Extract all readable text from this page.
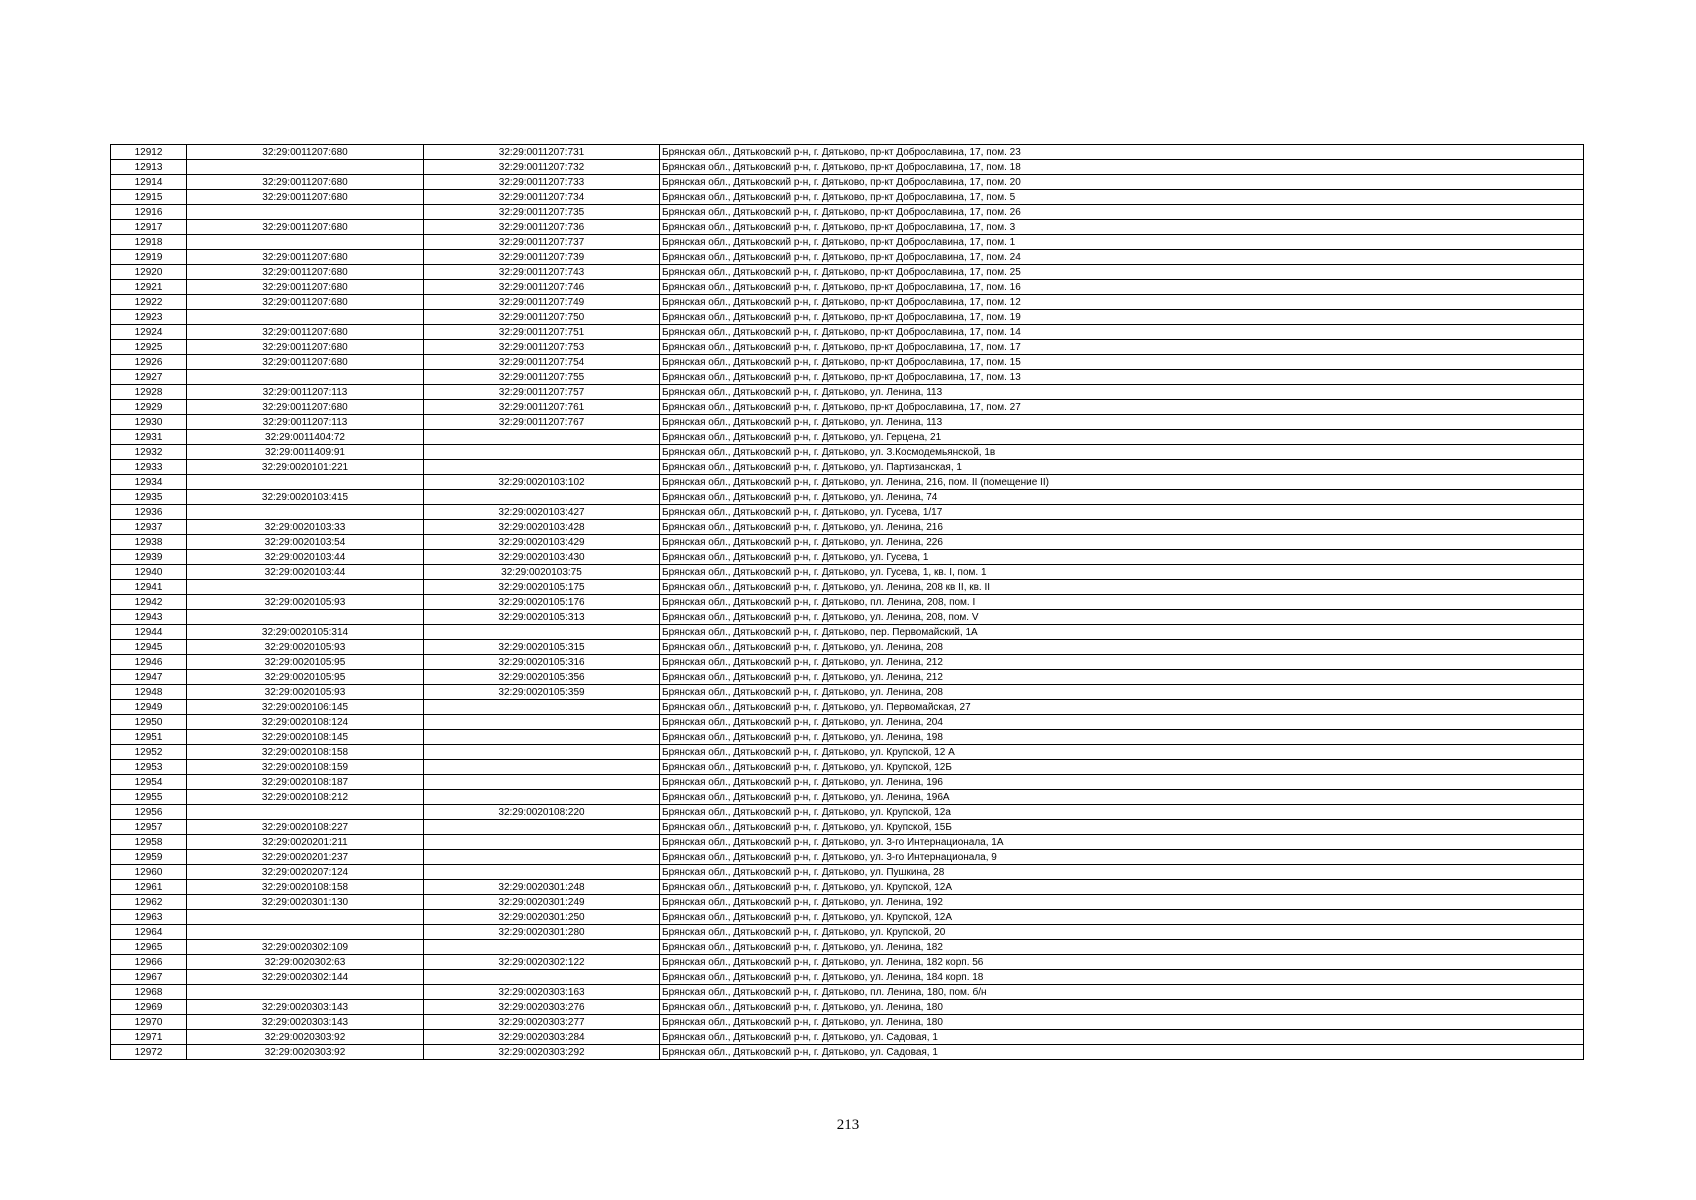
12912	32:29:0011207:680	32:29:0011207:731	Брянская обл., Дятьковский р-н, г. Дятьково, пр-кт Доброславина, 17, пом. 23
12913		32:29:0011207:732	Брянская обл., Дятьковский р-н, г. Дятьково, пр-кт Доброславина, 17, пом. 18
12914	32:29:0011207:680	32:29:0011207:733	Брянская обл., Дятьковский р-н, г. Дятьково, пр-кт Доброславина, 17, пом. 20
12915	32:29:0011207:680	32:29:0011207:734	Брянская обл., Дятьковский р-н, г. Дятьково, пр-кт Доброславина, 17, пом. 5
12916		32:29:0011207:735	Брянская обл., Дятьковский р-н, г. Дятьково, пр-кт Доброславина, 17, пом. 26
12917	32:29:0011207:680	32:29:0011207:736	Брянская обл., Дятьковский р-н, г. Дятьково, пр-кт Доброславина, 17, пом. 3
12918		32:29:0011207:737	Брянская обл., Дятьковский р-н, г. Дятьково, пр-кт Доброславина, 17, пом. 1
12919	32:29:0011207:680	32:29:0011207:739	Брянская обл., Дятьковский р-н, г. Дятьково, пр-кт Доброславина, 17, пом. 24
12920	32:29:0011207:680	32:29:0011207:743	Брянская обл., Дятьковский р-н, г. Дятьково, пр-кт Доброславина, 17, пом. 25
12921	32:29:0011207:680	32:29:0011207:746	Брянская обл., Дятьковский р-н, г. Дятьково, пр-кт Доброславина, 17, пом. 16
12922	32:29:0011207:680	32:29:0011207:749	Брянская обл., Дятьковский р-н, г. Дятьково, пр-кт Доброславина, 17, пом. 12
12923		32:29:0011207:750	Брянская обл., Дятьковский р-н, г. Дятьково, пр-кт Доброславина, 17, пом. 19
12924	32:29:0011207:680	32:29:0011207:751	Брянская обл., Дятьковский р-н, г. Дятьково, пр-кт Доброславина, 17, пом. 14
12925	32:29:0011207:680	32:29:0011207:753	Брянская обл., Дятьковский р-н, г. Дятьково, пр-кт Доброславина, 17, пом. 17
12926	32:29:0011207:680	32:29:0011207:754	Брянская обл., Дятьковский р-н, г. Дятьково, пр-кт Доброславина, 17, пом. 15
12927		32:29:0011207:755	Брянская обл., Дятьковский р-н, г. Дятьково, пр-кт Доброславина, 17, пом. 13
12928	32:29:0011207:113	32:29:0011207:757	Брянская обл., Дятьковский р-н, г. Дятьково, ул. Ленина, 113
12929	32:29:0011207:680	32:29:0011207:761	Брянская обл., Дятьковский р-н, г. Дятьково, пр-кт Доброславина, 17, пом. 27
12930	32:29:0011207:113	32:29:0011207:767	Брянская обл., Дятьковский р-н, г. Дятьково, ул. Ленина, 113
12931	32:29:0011404:72		Брянская обл., Дятьковский р-н, г. Дятьково, ул. Герцена, 21
12932	32:29:0011409:91		Брянская обл., Дятьковский р-н, г. Дятьково, ул. З.Космодемьянской, 1в
12933	32:29:0020101:221		Брянская обл., Дятьковский р-н, г. Дятьково, ул. Партизанская, 1
12934		32:29:0020103:102	Брянская обл., Дятьковский р-н, г. Дятьково, ул. Ленина, 216, пом. II (помещение II)
12935	32:29:0020103:415		Брянская обл., Дятьковский р-н, г. Дятьково, ул. Ленина, 74
12936		32:29:0020103:427	Брянская обл., Дятьковский р-н, г. Дятьково, ул. Гусева, 1/17
12937	32:29:0020103:33	32:29:0020103:428	Брянская обл., Дятьковский р-н, г. Дятьково, ул. Ленина, 216
12938	32:29:0020103:54	32:29:0020103:429	Брянская обл., Дятьковский р-н, г. Дятьково, ул. Ленина, 226
12939	32:29:0020103:44	32:29:0020103:430	Брянская обл., Дятьковский р-н, г. Дятьково, ул. Гусева, 1
12940	32:29:0020103:44	32:29:0020103:75	Брянская обл., Дятьковский р-н, г. Дятьково, ул. Гусева, 1, кв. I, пом. 1
12941		32:29:0020105:175	Брянская обл., Дятьковский р-н, г. Дятьково, ул. Ленина, 208 кв II, кв. II
12942	32:29:0020105:93	32:29:0020105:176	Брянская обл., Дятьковский р-н, г. Дятьково, пл. Ленина, 208, пом. I
12943		32:29:0020105:313	Брянская обл., Дятьковский р-н, г. Дятьково, ул. Ленина, 208, пом. V
12944	32:29:0020105:314		Брянская обл., Дятьковский р-н, г. Дятьково, пер. Первомайский, 1А
12945	32:29:0020105:93	32:29:0020105:315	Брянская обл., Дятьковский р-н, г. Дятьково, ул. Ленина, 208
12946	32:29:0020105:95	32:29:0020105:316	Брянская обл., Дятьковский р-н, г. Дятьково, ул. Ленина, 212
12947	32:29:0020105:95	32:29:0020105:356	Брянская обл., Дятьковский р-н, г. Дятьково, ул. Ленина, 212
12948	32:29:0020105:93	32:29:0020105:359	Брянская обл., Дятьковский р-н, г. Дятьково, ул. Ленина, 208
12949	32:29:0020106:145		Брянская обл., Дятьковский р-н, г. Дятьково, ул. Первомайская, 27
12950	32:29:0020108:124		Брянская обл., Дятьковский р-н, г. Дятьково, ул. Ленина, 204
12951	32:29:0020108:145		Брянская обл., Дятьковский р-н, г. Дятьково, ул. Ленина, 198
12952	32:29:0020108:158		Брянская обл., Дятьковский р-н, г. Дятьково, ул. Крупской, 12 А
12953	32:29:0020108:159		Брянская обл., Дятьковский р-н, г. Дятьково, ул. Крупской, 12Б
12954	32:29:0020108:187		Брянская обл., Дятьковский р-н, г. Дятьково, ул. Ленина, 196
12955	32:29:0020108:212		Брянская обл., Дятьковский р-н, г. Дятьково, ул. Ленина, 196А
12956		32:29:0020108:220	Брянская обл., Дятьковский р-н, г. Дятьково, ул. Крупской, 12а
12957	32:29:0020108:227		Брянская обл., Дятьковский р-н, г. Дятьково, ул. Крупской, 15Б
12958	32:29:0020201:211		Брянская обл., Дятьковский р-н, г. Дятьково, ул. 3-го Интернационала, 1А
12959	32:29:0020201:237		Брянская обл., Дятьковский р-н, г. Дятьково, ул. 3-го Интернационала, 9
12960	32:29:0020207:124		Брянская обл., Дятьковский р-н, г. Дятьково, ул. Пушкина, 28
12961	32:29:0020108:158	32:29:0020301:248	Брянская обл., Дятьковский р-н, г. Дятьково, ул. Крупской, 12А
12962	32:29:0020301:130	32:29:0020301:249	Брянская обл., Дятьковский р-н, г. Дятьково, ул. Ленина, 192
12963		32:29:0020301:250	Брянская обл., Дятьковский р-н, г. Дятьково, ул. Крупской, 12А
12964		32:29:0020301:280	Брянская обл., Дятьковский р-н, г. Дятьково, ул. Крупской, 20
12965	32:29:0020302:109		Брянская обл., Дятьковский р-н, г. Дятьково, ул. Ленина, 182
12966	32:29:0020302:63	32:29:0020302:122	Брянская обл., Дятьковский р-н, г. Дятьково, ул. Ленина, 182 корп. 56
12967	32:29:0020302:144		Брянская обл., Дятьковский р-н, г. Дятьково, ул. Ленина, 184 корп. 18
12968		32:29:0020303:163	Брянская обл., Дятьковский р-н, г. Дятьково, пл. Ленина, 180, пом. б/н
12969	32:29:0020303:143	32:29:0020303:276	Брянская обл., Дятьковский р-н, г. Дятьково, ул. Ленина, 180
12970	32:29:0020303:143	32:29:0020303:277	Брянская обл., Дятьковский р-н, г. Дятьково, ул. Ленина, 180
12971	32:29:0020303:92	32:29:0020303:284	Брянская обл., Дятьковский р-н, г. Дятьково, ул. Садовая, 1
12972	32:29:0020303:92	32:29:0020303:292	Брянская обл., Дятьковский р-н, г. Дятьково, ул. Садовая, 1
213
